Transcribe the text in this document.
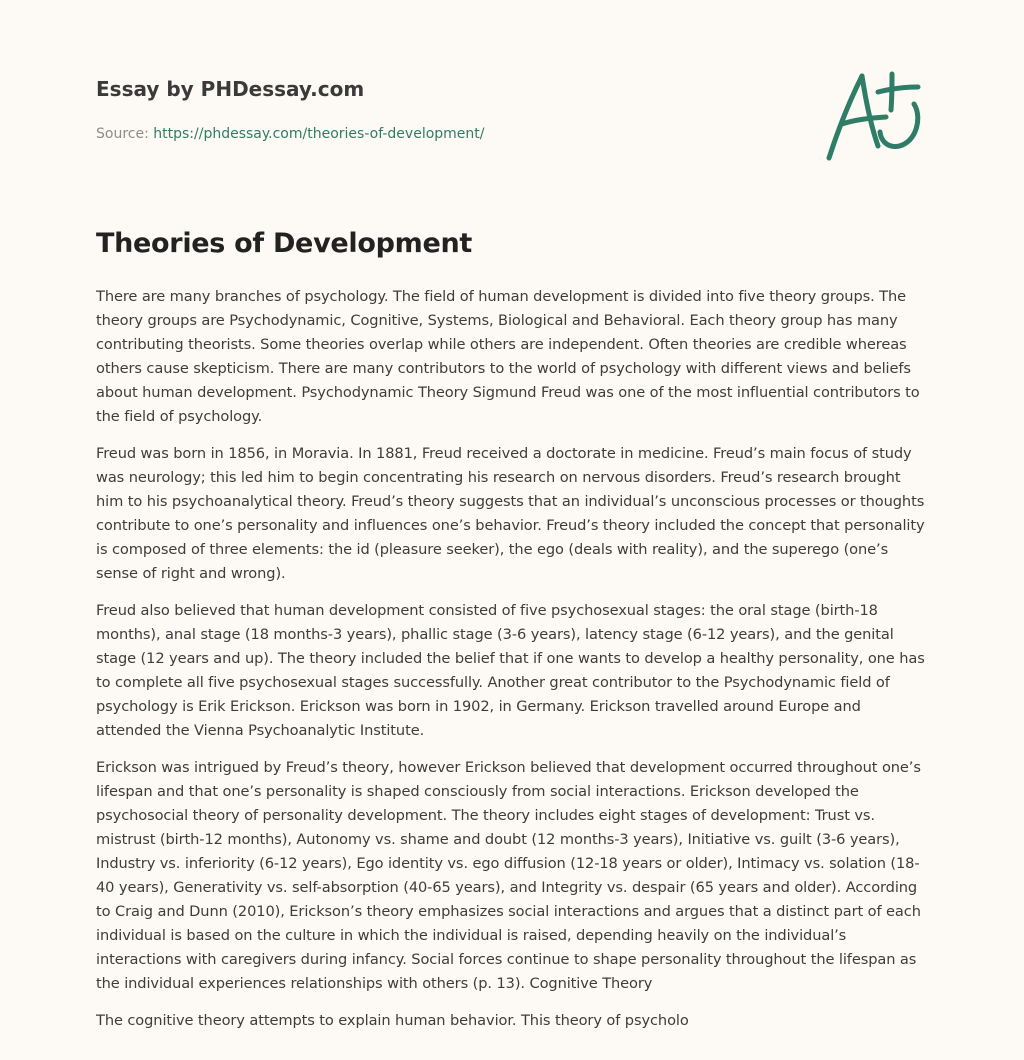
Essay by PHDessay.com

Source: https://phdessay.com/theories-of-development/
Theories of Development

There are many branches of psychology. The field of human development is divided into five theory groups. The theory groups are Psychodynamic, Cognitive, Systems, Biological and Behavioral. Each theory group has many contributing theorists. Some theories overlap while others are independent. Often theories are credible whereas others cause skepticism. There are many contributors to the world of psychology with different views and beliefs about human development. Psychodynamic Theory Sigmund Freud was one of the most influential contributors to the field of psychology.

Freud was born in 1856, in Moravia. In 1881, Freud received a doctorate in medicine. Freud’s main focus of study was neurology; this led him to begin concentrating his research on nervous disorders. Freud’s research brought him to his psychoanalytical theory. Freud’s theory suggests that an individual’s unconscious processes or thoughts contribute to one’s personality and influences one’s behavior. Freud’s theory included the concept that personality is composed of three elements: the id (pleasure seeker), the ego (deals with reality), and the superego (one’s sense of right and wrong).

Freud also believed that human development consisted of five psychosexual stages: the oral stage (birth-18 months), anal stage (18 months-3 years), phallic stage (3-6 years), latency stage (6-12 years), and the genital stage (12 years and up). The theory included the belief that if one wants to develop a healthy personality, one has to complete all five psychosexual stages successfully. Another great contributor to the Psychodynamic field of psychology is Erik Erickson. Erickson was born in 1902, in Germany. Erickson travelled around Europe and attended the Vienna Psychoanalytic Institute.

Erickson was intrigued by Freud’s theory, however Erickson believed that development occurred throughout one’s lifespan and that one’s personality is shaped consciously from social interactions. Erickson developed the psychosocial theory of personality development. The theory includes eight stages of development: Trust vs. mistrust (birth-12 months), Autonomy vs. shame and doubt (12 months-3 years), Initiative vs. guilt (3-6 years), Industry vs. inferiority (6-12 years), Ego identity vs. ego diffusion (12-18 years or older), Intimacy vs. solation (18-40 years), Generativity vs. self-absorption (40-65 years), and Integrity vs. despair (65 years and older). According to Craig and Dunn (2010), Erickson’s theory emphasizes social interactions and argues that a distinct part of each individual is based on the culture in which the individual is raised, depending heavily on the individual’s interactions with caregivers during infancy. Social forces continue to shape personality throughout the lifespan as the individual experiences relationships with others (p. 13). Cognitive Theory

The cognitive theory attempts to explain human behavior. This theory of psycholo
